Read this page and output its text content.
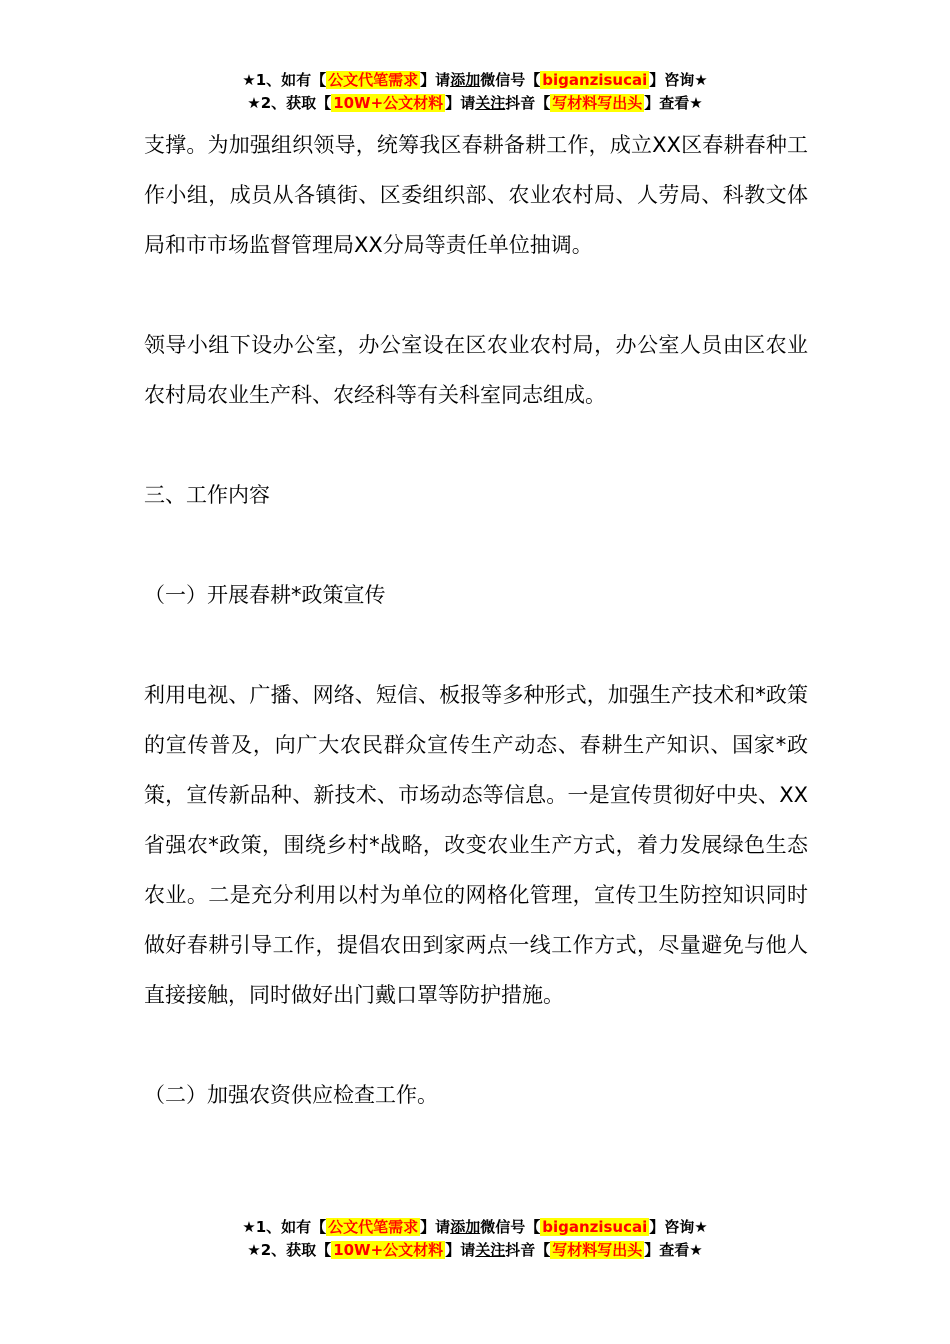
★1、如有【 公文代笔需求 】请添加微信号【 biganzisucai 】咨询★
★2、获取【 10W+公文材料 】请关注抖音【 写材料写出头 】查看★

支撑。为加强组织领导，统筹我区春耕备耕工作，成立XX区春耕春种工作小组，成员从各镇街、区委组织部、农业农村局、人劳局、科教文体局和市市场监督管理局XX分局等责任单位抽调。

领导小组下设办公室，办公室设在区农业农村局，办公室人员由区农业农村局农业生产科、农经科等有关科室同志组成。

三、工作内容

（一）开展春耕*政策宣传

利用电视、广播、网络、短信、板报等多种形式，加强生产技术和*政策的宣传普及，向广大农民群众宣传生产动态、春耕生产知识、国家*政策，宣传新品种、新技术、市场动态等信息。一是宣传贯彻好中央、XX省强农*政策，围绕乡村*战略，改变农业生产方式，着力发展绿色生态农业。二是充分利用以村为单位的网格化管理，宣传卫生防控知识同时做好春耕引导工作，提倡农田到家两点一线工作方式，尽量避免与他人直接接触，同时做好出门戴口罩等防护措施。

（二）加强农资供应检查工作。

★1、如有【 公文代笔需求 】请添加微信号【 biganzisucai 】咨询★
★2、获取【 10W+公文材料 】请关注抖音【 写材料写出头 】查看★
